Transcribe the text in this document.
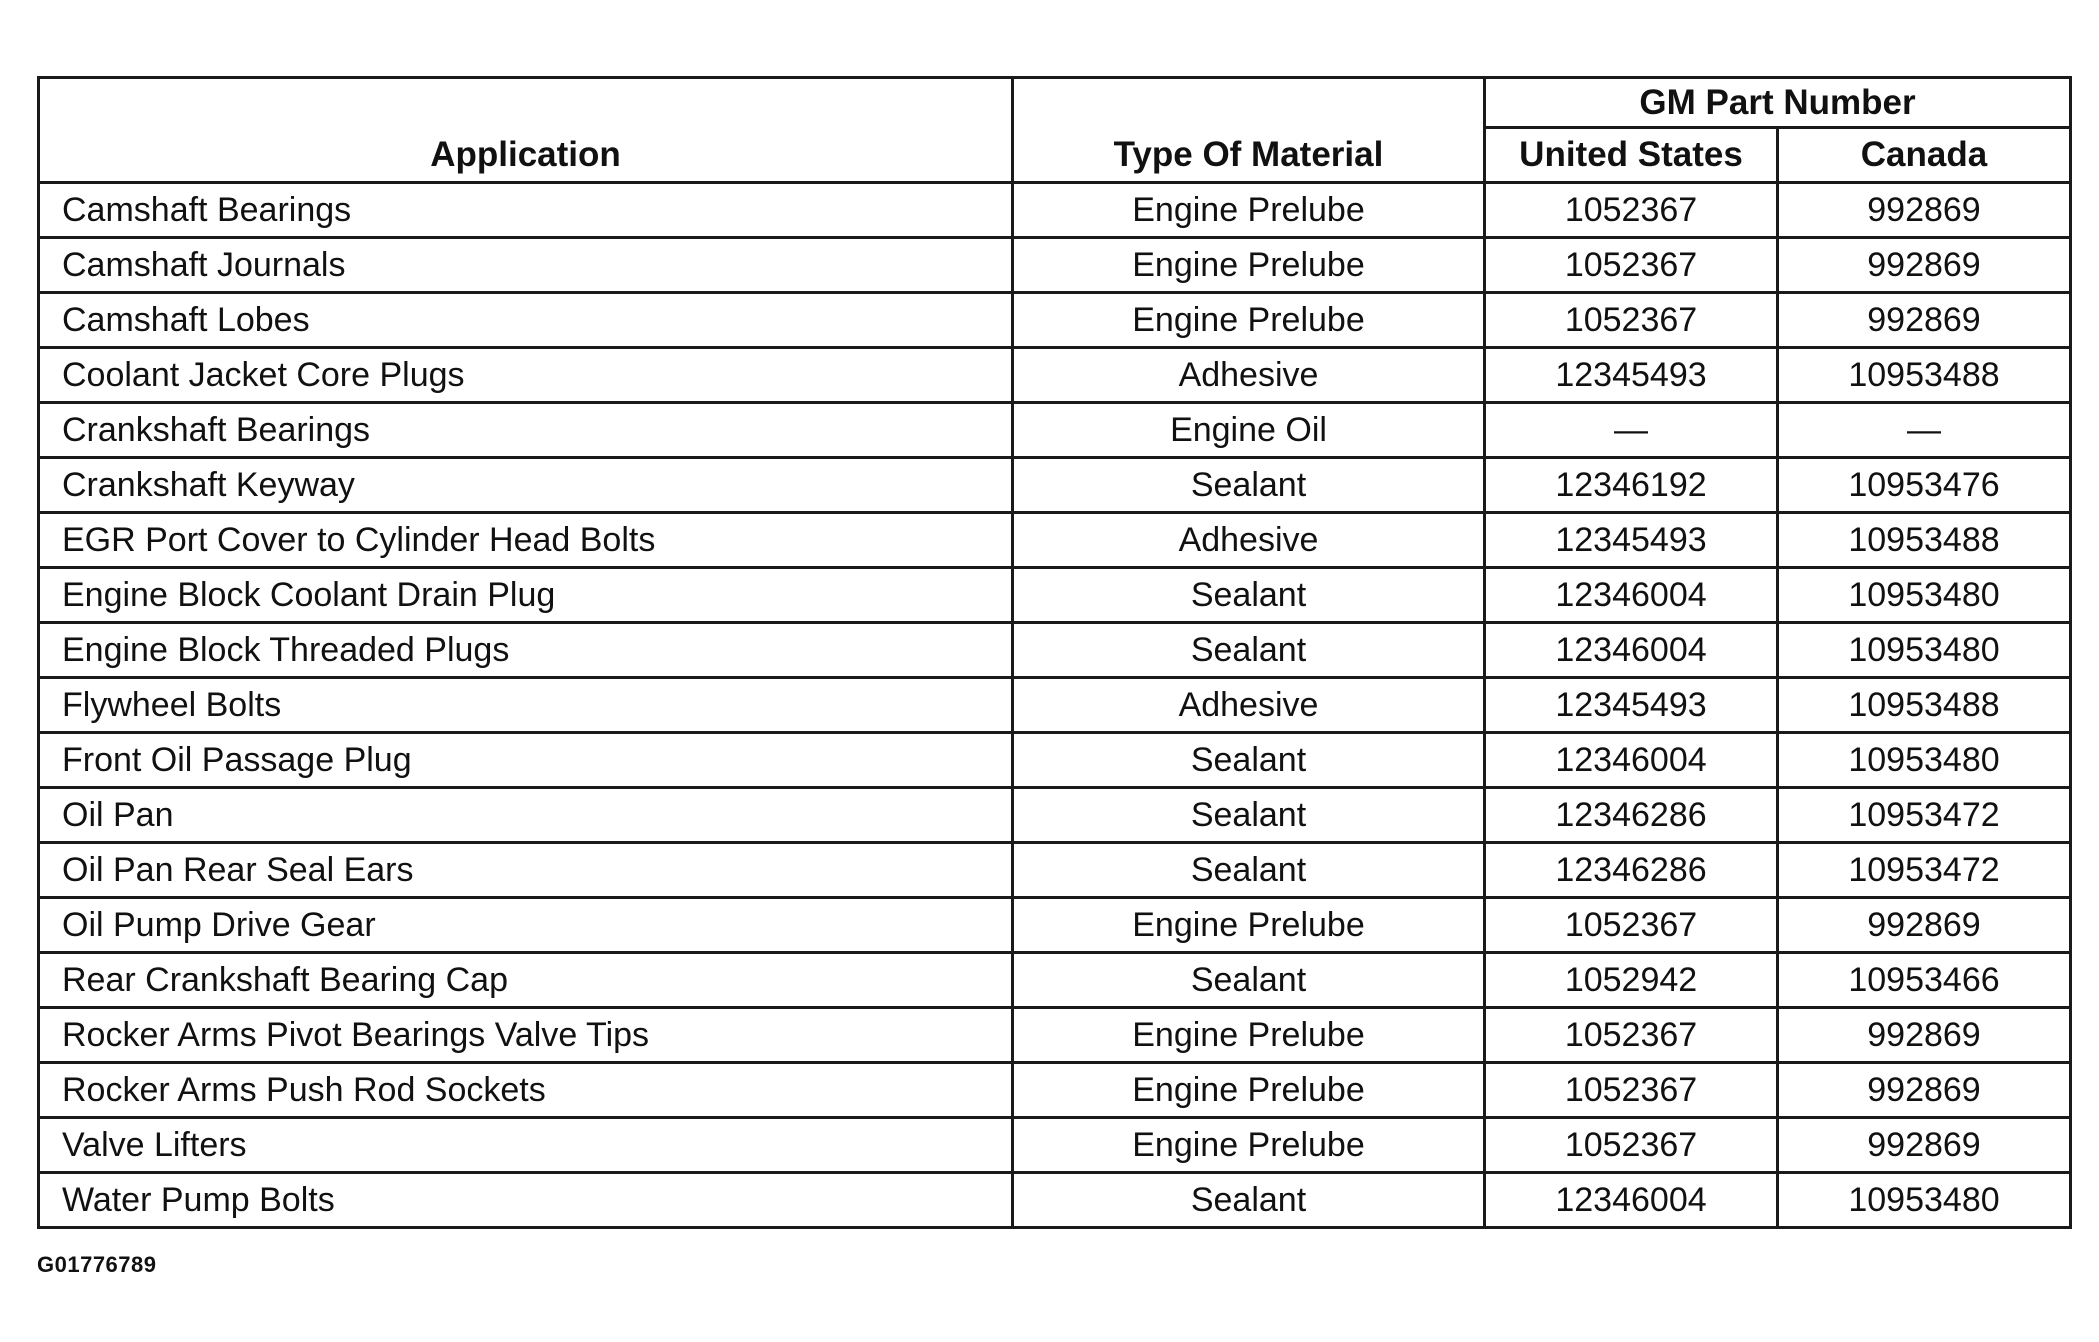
Application	Type Of Material	GM Part Number	
		United States	Canada
Camshaft Bearings	Engine Prelube	1052367	992869
Camshaft Journals	Engine Prelube	1052367	992869
Camshaft Lobes	Engine Prelube	1052367	992869
Coolant Jacket Core Plugs	Adhesive	12345493	10953488
Crankshaft Bearings	Engine Oil	—	—
Crankshaft Keyway	Sealant	12346192	10953476
EGR Port Cover to Cylinder Head Bolts	Adhesive	12345493	10953488
Engine Block Coolant Drain Plug	Sealant	12346004	10953480
Engine Block Threaded Plugs	Sealant	12346004	10953480
Flywheel Bolts	Adhesive	12345493	10953488
Front Oil Passage Plug	Sealant	12346004	10953480
Oil Pan	Sealant	12346286	10953472
Oil Pan Rear Seal Ears	Sealant	12346286	10953472
Oil Pump Drive Gear	Engine Prelube	1052367	992869
Rear Crankshaft Bearing Cap	Sealant	1052942	10953466
Rocker Arms Pivot Bearings Valve Tips	Engine Prelube	1052367	992869
Rocker Arms Push Rod Sockets	Engine Prelube	1052367	992869
Valve Lifters	Engine Prelube	1052367	992869
Water Pump Bolts	Sealant	12346004	10953480
G01776789
